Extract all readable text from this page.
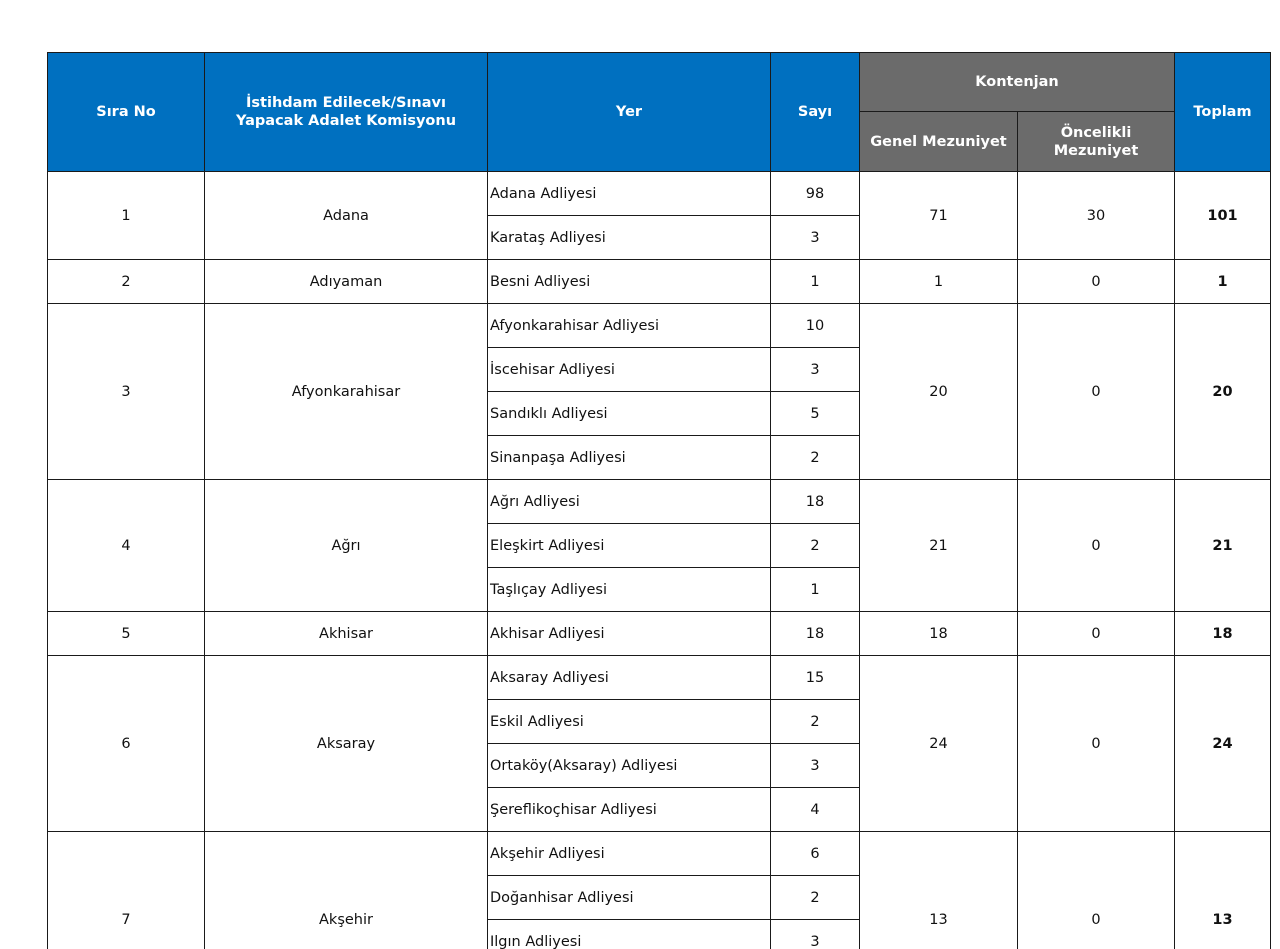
Sıra No	İstihdam Edilecek/Sınavı Yapacak Adalet Komisyonu	Yer	Sayı	Kontenjan		Toplam
				Genel Mezuniyet	Öncelikli Mezuniyet	
1	Adana	Adana Adliyesi	98	71	30	101
		Karataş Adliyesi	3			
2	Adıyaman	Besni Adliyesi	1	1	0	1
3	Afyonkarahisar	Afyonkarahisar Adliyesi	10	20	0	20
		İscehisar Adliyesi	3			
		Sandıklı Adliyesi	5			
		Sinanpaşa Adliyesi	2			
4	Ağrı	Ağrı Adliyesi	18	21	0	21
		Eleşkirt Adliyesi	2			
		Taşlıçay Adliyesi	1			
5	Akhisar	Akhisar Adliyesi	18	18	0	18
6	Aksaray	Aksaray Adliyesi	15	24	0	24
		Eskil Adliyesi	2			
		Ortaköy(Aksaray) Adliyesi	3			
		Şereflikoçhisar Adliyesi	4			
7	Akşehir	Akşehir Adliyesi	6	13	0	13
		Doğanhisar Adliyesi	2			
		Ilgın Adliyesi	3			
